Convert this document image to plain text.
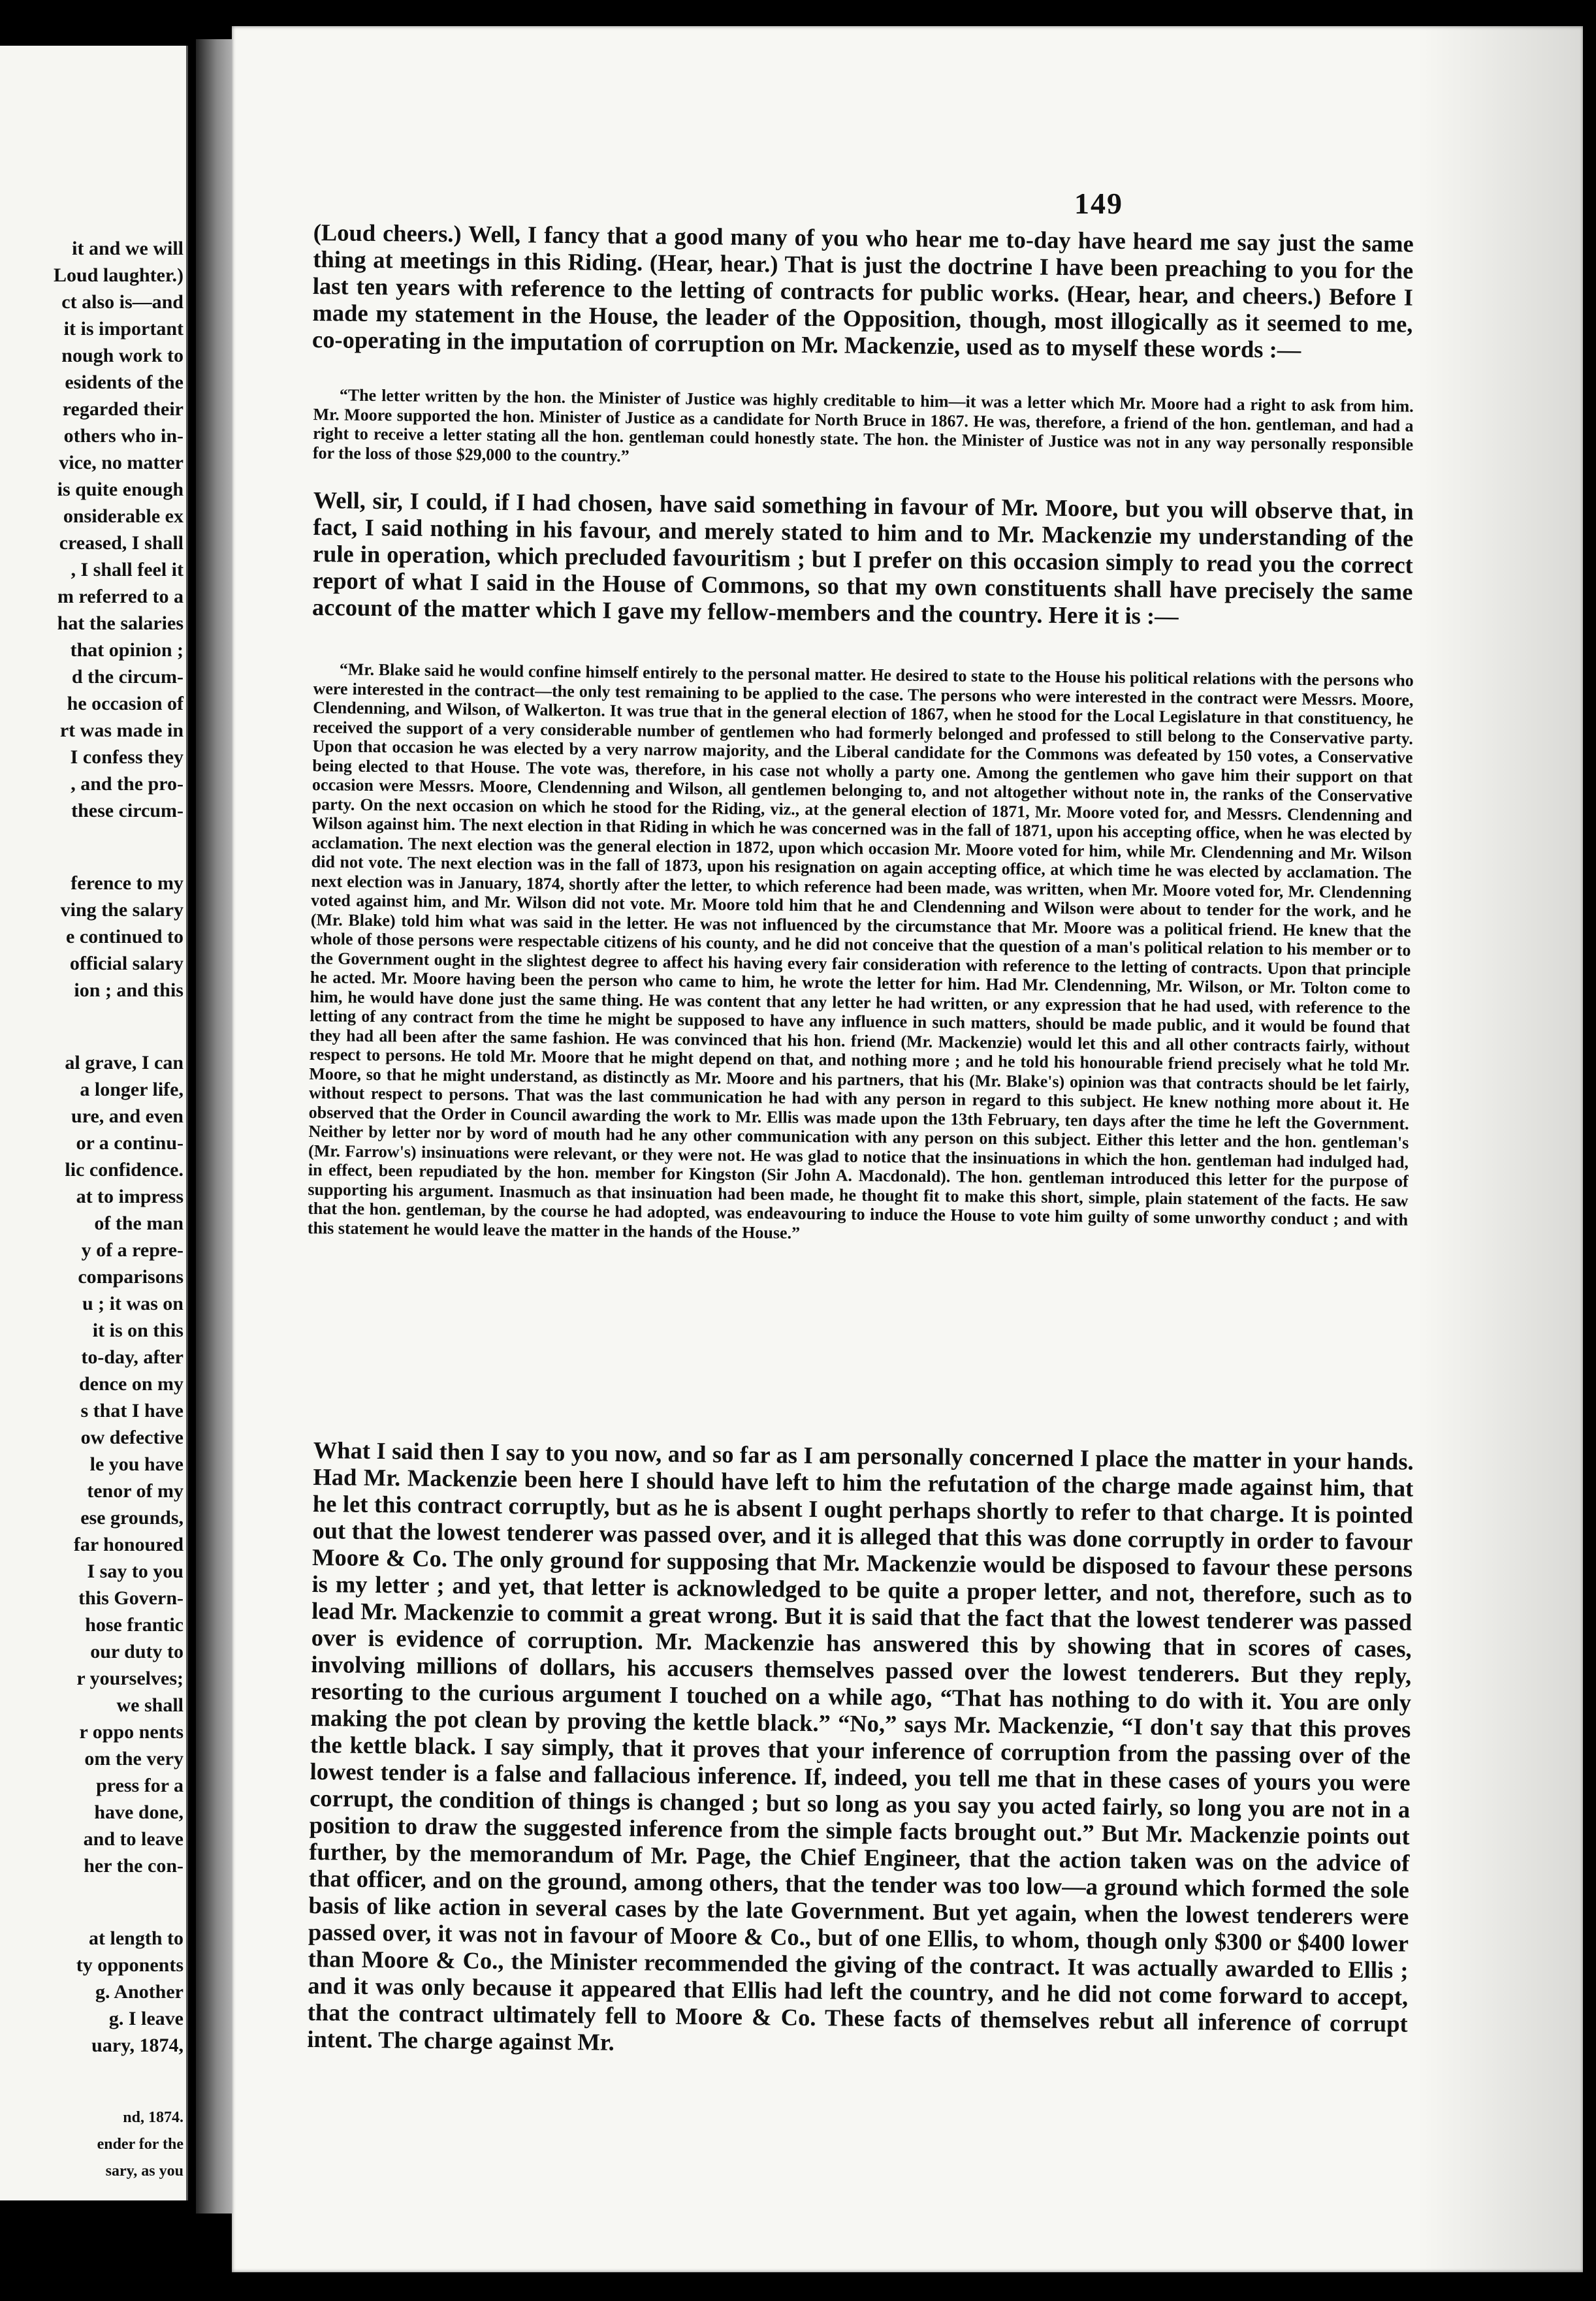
it and we will
Loud laughter.)
ct also is—and
it is important
nough work to
esidents of the
regarded their
others who in-
vice, no matter
is quite enough
onsiderable ex
creased, I shall
, I shall feel it
m referred to a
hat the salaries
that opinion ;
d the circum-
he occasion of
rt was made in
I confess they
, and the pro-
these circum-
ference to my
ving the salary
e continued to
official salary
ion ; and this
al grave, I can
a longer life,
ure, and even
or a continu-
lic confidence.
at to impress
of the man
y of a repre-
comparisons
u ; it was on
it is on this
to-day, after
dence on my
s that I have
ow defective
le you have
tenor of my
ese grounds,
far honoured
I say to you
this Govern-
hose frantic
our duty to
r yourselves;
we shall
r oppo nents
om the very
press for a
have done,
and to leave
her the con-
at length to
ty opponents
g. Another
g. I leave
uary, 1874,
nd, 1874.
ender for the
sary, as you
149

(Loud cheers.) Well, I fancy that a good many of you who hear me to-day have heard me say just the same thing at meetings in this Riding. (Hear, hear.) That is just the doctrine I have been preaching to you for the last ten years with reference to the letting of contracts for public works. (Hear, hear, and cheers.) Before I made my statement in the House, the leader of the Opposition, though, most illogically as it seemed to me, co-operating in the imputation of corruption on Mr. Mackenzie, used as to myself these words :—

“The letter written by the hon. the Minister of Justice was highly creditable to him—it was a letter which Mr. Moore had a right to ask from him. Mr. Moore supported the hon. Minister of Justice as a candidate for North Bruce in 1867. He was, therefore, a friend of the hon. gentleman, and had a right to receive a letter stating all the hon. gentleman could honestly state. The hon. the Minister of Justice was not in any way personally responsible for the loss of those $29,000 to the country.”

Well, sir, I could, if I had chosen, have said something in favour of Mr. Moore, but you will observe that, in fact, I said nothing in his favour, and merely stated to him and to Mr. Mackenzie my understanding of the rule in operation, which precluded favouritism ; but I prefer on this occasion simply to read you the correct report of what I said in the House of Commons, so that my own constituents shall have precisely the same account of the matter which I gave my fellow-members and the country. Here it is :—

“Mr. Blake said he would confine himself entirely to the personal matter. He desired to state to the House his political relations with the persons who were interested in the contract—the only test remaining to be applied to the case. The persons who were interested in the contract were Messrs. Moore, Clendenning, and Wilson, of Walkerton. It was true that in the general election of 1867, when he stood for the Local Legislature in that constituency, he received the support of a very considerable number of gentlemen who had formerly belonged and professed to still belong to the Conservative party. Upon that occasion he was elected by a very narrow majority, and the Liberal candidate for the Commons was defeated by 150 votes, a Conservative being elected to that House. The vote was, therefore, in his case not wholly a party one. Among the gentlemen who gave him their support on that occasion were Messrs. Moore, Clendenning and Wilson, all gentlemen belonging to, and not altogether without note in, the ranks of the Conservative party. On the next occasion on which he stood for the Riding, viz., at the general election of 1871, Mr. Moore voted for, and Messrs. Clendenning and Wilson against him. The next election in that Riding in which he was concerned was in the fall of 1871, upon his accepting office, when he was elected by acclamation. The next election was the general election in 1872, upon which occasion Mr. Moore voted for him, while Mr. Clendenning and Mr. Wilson did not vote. The next election was in the fall of 1873, upon his resignation on again accepting office, at which time he was elected by acclamation. The next election was in January, 1874, shortly after the letter, to which reference had been made, was written, when Mr. Moore voted for, Mr. Clendenning voted against him, and Mr. Wilson did not vote. Mr. Moore told him that he and Clendenning and Wilson were about to tender for the work, and he (Mr. Blake) told him what was said in the letter. He was not influenced by the circumstance that Mr. Moore was a political friend. He knew that the whole of those persons were respectable citizens of his county, and he did not conceive that the question of a man's political relation to his member or to the Government ought in the slightest degree to affect his having every fair consideration with reference to the letting of contracts. Upon that principle he acted. Mr. Moore having been the person who came to him, he wrote the letter for him. Had Mr. Clendenning, Mr. Wilson, or Mr. Tolton come to him, he would have done just the same thing. He was content that any letter he had written, or any expression that he had used, with reference to the letting of any contract from the time he might be supposed to have any influence in such matters, should be made public, and it would be found that they had all been after the same fashion. He was convinced that his hon. friend (Mr. Mackenzie) would let this and all other contracts fairly, without respect to persons. He told Mr. Moore that he might depend on that, and nothing more ; and he told his honourable friend precisely what he told Mr. Moore, so that he might understand, as distinctly as Mr. Moore and his partners, that his (Mr. Blake's) opinion was that contracts should be let fairly, without respect to persons. That was the last communication he had with any person in regard to this subject. He knew nothing more about it. He observed that the Order in Council awarding the work to Mr. Ellis was made upon the 13th February, ten days after the time he left the Government. Neither by letter nor by word of mouth had he any other communication with any person on this subject. Either this letter and the hon. gentleman's (Mr. Farrow's) insinuations were relevant, or they were not. He was glad to notice that the insinuations in which the hon. gentleman had indulged had, in effect, been repudiated by the hon. member for Kingston (Sir John A. Macdonald). The hon. gentleman introduced this letter for the purpose of supporting his argument. Inasmuch as that insinuation had been made, he thought fit to make this short, simple, plain statement of the facts. He saw that the hon. gentleman, by the course he had adopted, was endeavouring to induce the House to vote him guilty of some unworthy conduct ; and with this statement he would leave the matter in the hands of the House.”

What I said then I say to you now, and so far as I am personally concerned I place the matter in your hands. Had Mr. Mackenzie been here I should have left to him the refutation of the charge made against him, that he let this contract corruptly, but as he is absent I ought perhaps shortly to refer to that charge. It is pointed out that the lowest tenderer was passed over, and it is alleged that this was done corruptly in order to favour Moore & Co. The only ground for supposing that Mr. Mackenzie would be disposed to favour these persons is my letter ; and yet, that letter is acknowledged to be quite a proper letter, and not, therefore, such as to lead Mr. Mackenzie to commit a great wrong. But it is said that the fact that the lowest tenderer was passed over is evidence of corruption. Mr. Mackenzie has answered this by showing that in scores of cases, involving millions of dollars, his accusers themselves passed over the lowest tenderers. But they reply, resorting to the curious argument I touched on a while ago, “That has nothing to do with it. You are only making the pot clean by proving the kettle black.” “No,” says Mr. Mackenzie, “I don't say that this proves the kettle black. I say simply, that it proves that your inference of corruption from the passing over of the lowest tender is a false and fallacious inference. If, indeed, you tell me that in these cases of yours you were corrupt, the condition of things is changed ; but so long as you say you acted fairly, so long you are not in a position to draw the suggested inference from the simple facts brought out.” But Mr. Mackenzie points out further, by the memorandum of Mr. Page, the Chief Engineer, that the action taken was on the advice of that officer, and on the ground, among others, that the tender was too low—a ground which formed the sole basis of like action in several cases by the late Government. But yet again, when the lowest tenderers were passed over, it was not in favour of Moore & Co., but of one Ellis, to whom, though only $300 or $400 lower than Moore & Co., the Minister recommended the giving of the contract. It was actually awarded to Ellis ; and it was only because it appeared that Ellis had left the country, and he did not come forward to accept, that the contract ultimately fell to Moore & Co. These facts of themselves rebut all inference of corrupt intent. The charge against Mr.
